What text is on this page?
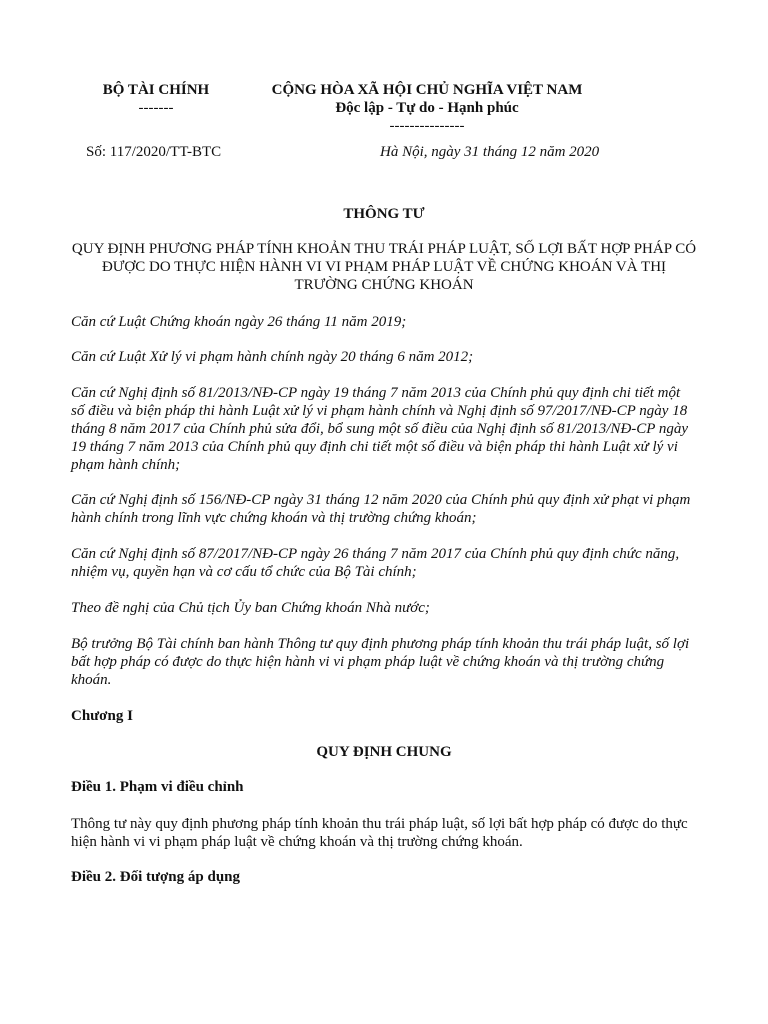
BỘ TÀI CHÍNH
-------
CỘNG HÒA XÃ HỘI CHỦ NGHĨA VIỆT NAM
Độc lập - Tự do - Hạnh phúc
---------------
Số: 117/2020/TT-BTC	Hà Nội, ngày 31 tháng 12 năm 2020
THÔNG TƯ
QUY ĐỊNH PHƯƠNG PHÁP TÍNH KHOẢN THU TRÁI PHÁP LUẬT, SỐ LỢI BẤT HỢP PHÁP CÓ ĐƯỢC DO THỰC HIỆN HÀNH VI VI PHẠM PHÁP LUẬT VỀ CHỨNG KHOÁN VÀ THỊ TRƯỜNG CHỨNG KHOÁN
Căn cứ Luật Chứng khoán ngày 26 tháng 11 năm 2019;
Căn cứ Luật Xử lý vi phạm hành chính ngày 20 tháng 6 năm 2012;
Căn cứ Nghị định số 81/2013/NĐ-CP ngày 19 tháng 7 năm 2013 của Chính phủ quy định chi tiết một số điều và biện pháp thi hành Luật xử lý vi phạm hành chính và Nghị định số 97/2017/NĐ-CP ngày 18 tháng 8 năm 2017 của Chính phủ sửa đổi, bổ sung một số điều của Nghị định số 81/2013/NĐ-CP ngày 19 tháng 7 năm 2013 của Chính phủ quy định chi tiết một số điều và biện pháp thi hành Luật xử lý vi phạm hành chính;
Căn cứ Nghị định số 156/NĐ-CP ngày 31 tháng 12 năm 2020 của Chính phủ quy định xử phạt vi phạm hành chính trong lĩnh vực chứng khoán và thị trường chứng khoán;
Căn cứ Nghị định số 87/2017/NĐ-CP ngày 26 tháng 7 năm 2017 của Chính phủ quy định chức năng, nhiệm vụ, quyền hạn và cơ cấu tổ chức của Bộ Tài chính;
Theo đề nghị của Chủ tịch Ủy ban Chứng khoán Nhà nước;
Bộ trưởng Bộ Tài chính ban hành Thông tư quy định phương pháp tính khoản thu trái pháp luật, số lợi bất hợp pháp có được do thực hiện hành vi vi phạm pháp luật về chứng khoán và thị trường chứng khoán.
Chương I
QUY ĐỊNH CHUNG
Điều 1. Phạm vi điều chỉnh
Thông tư này quy định phương pháp tính khoản thu trái pháp luật, số lợi bất hợp pháp có được do thực hiện hành vi vi phạm pháp luật về chứng khoán và thị trường chứng khoán.
Điều 2. Đối tượng áp dụng
